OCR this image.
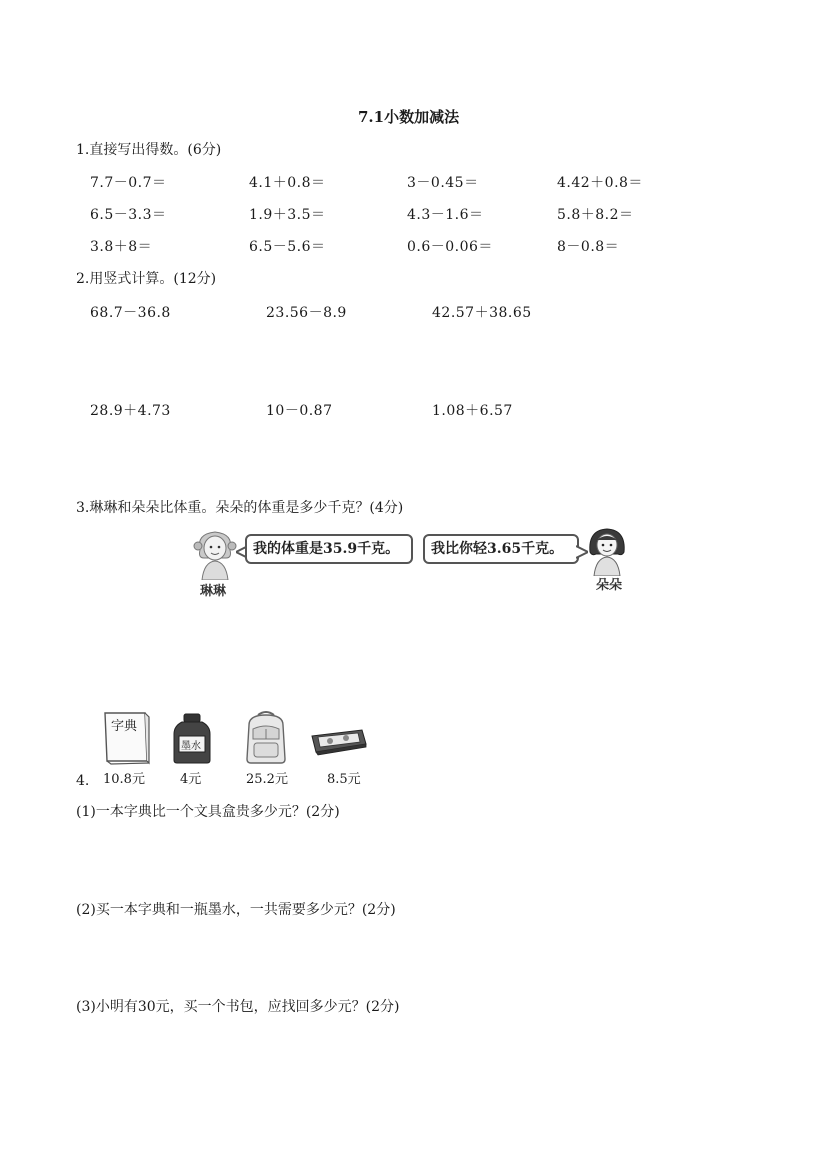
7.1小数加减法
1.直接写出得数。(6分)
7.7－0.7＝	4.1＋0.8＝	3－0.45＝	4.42＋0.8＝
6.5－3.3＝	1.9＋3.5＝	4.3－1.6＝	5.8＋8.2＝
3.8＋8＝	6.5－5.6＝	0.6－0.06＝	8－0.8＝
2.用竖式计算。(12分)
68.7－36.8	23.56－8.9	42.57＋38.65
28.9＋4.73	10－0.87	1.08＋6.57
3.琳琳和朵朵比体重。朵朵的体重是多少千克？(4分)
琳琳
我的体重是35.9千克。	我比你轻3.65千克。
朵朵
字典
墨水
4. 10.8元	4元	25.2元	8.5元
(1)一本字典比一个文具盒贵多少元？(2分)
(2)买一本字典和一瓶墨水，一共需要多少元？(2分)
(3)小明有30元，买一个书包，应找回多少元？(2分)
